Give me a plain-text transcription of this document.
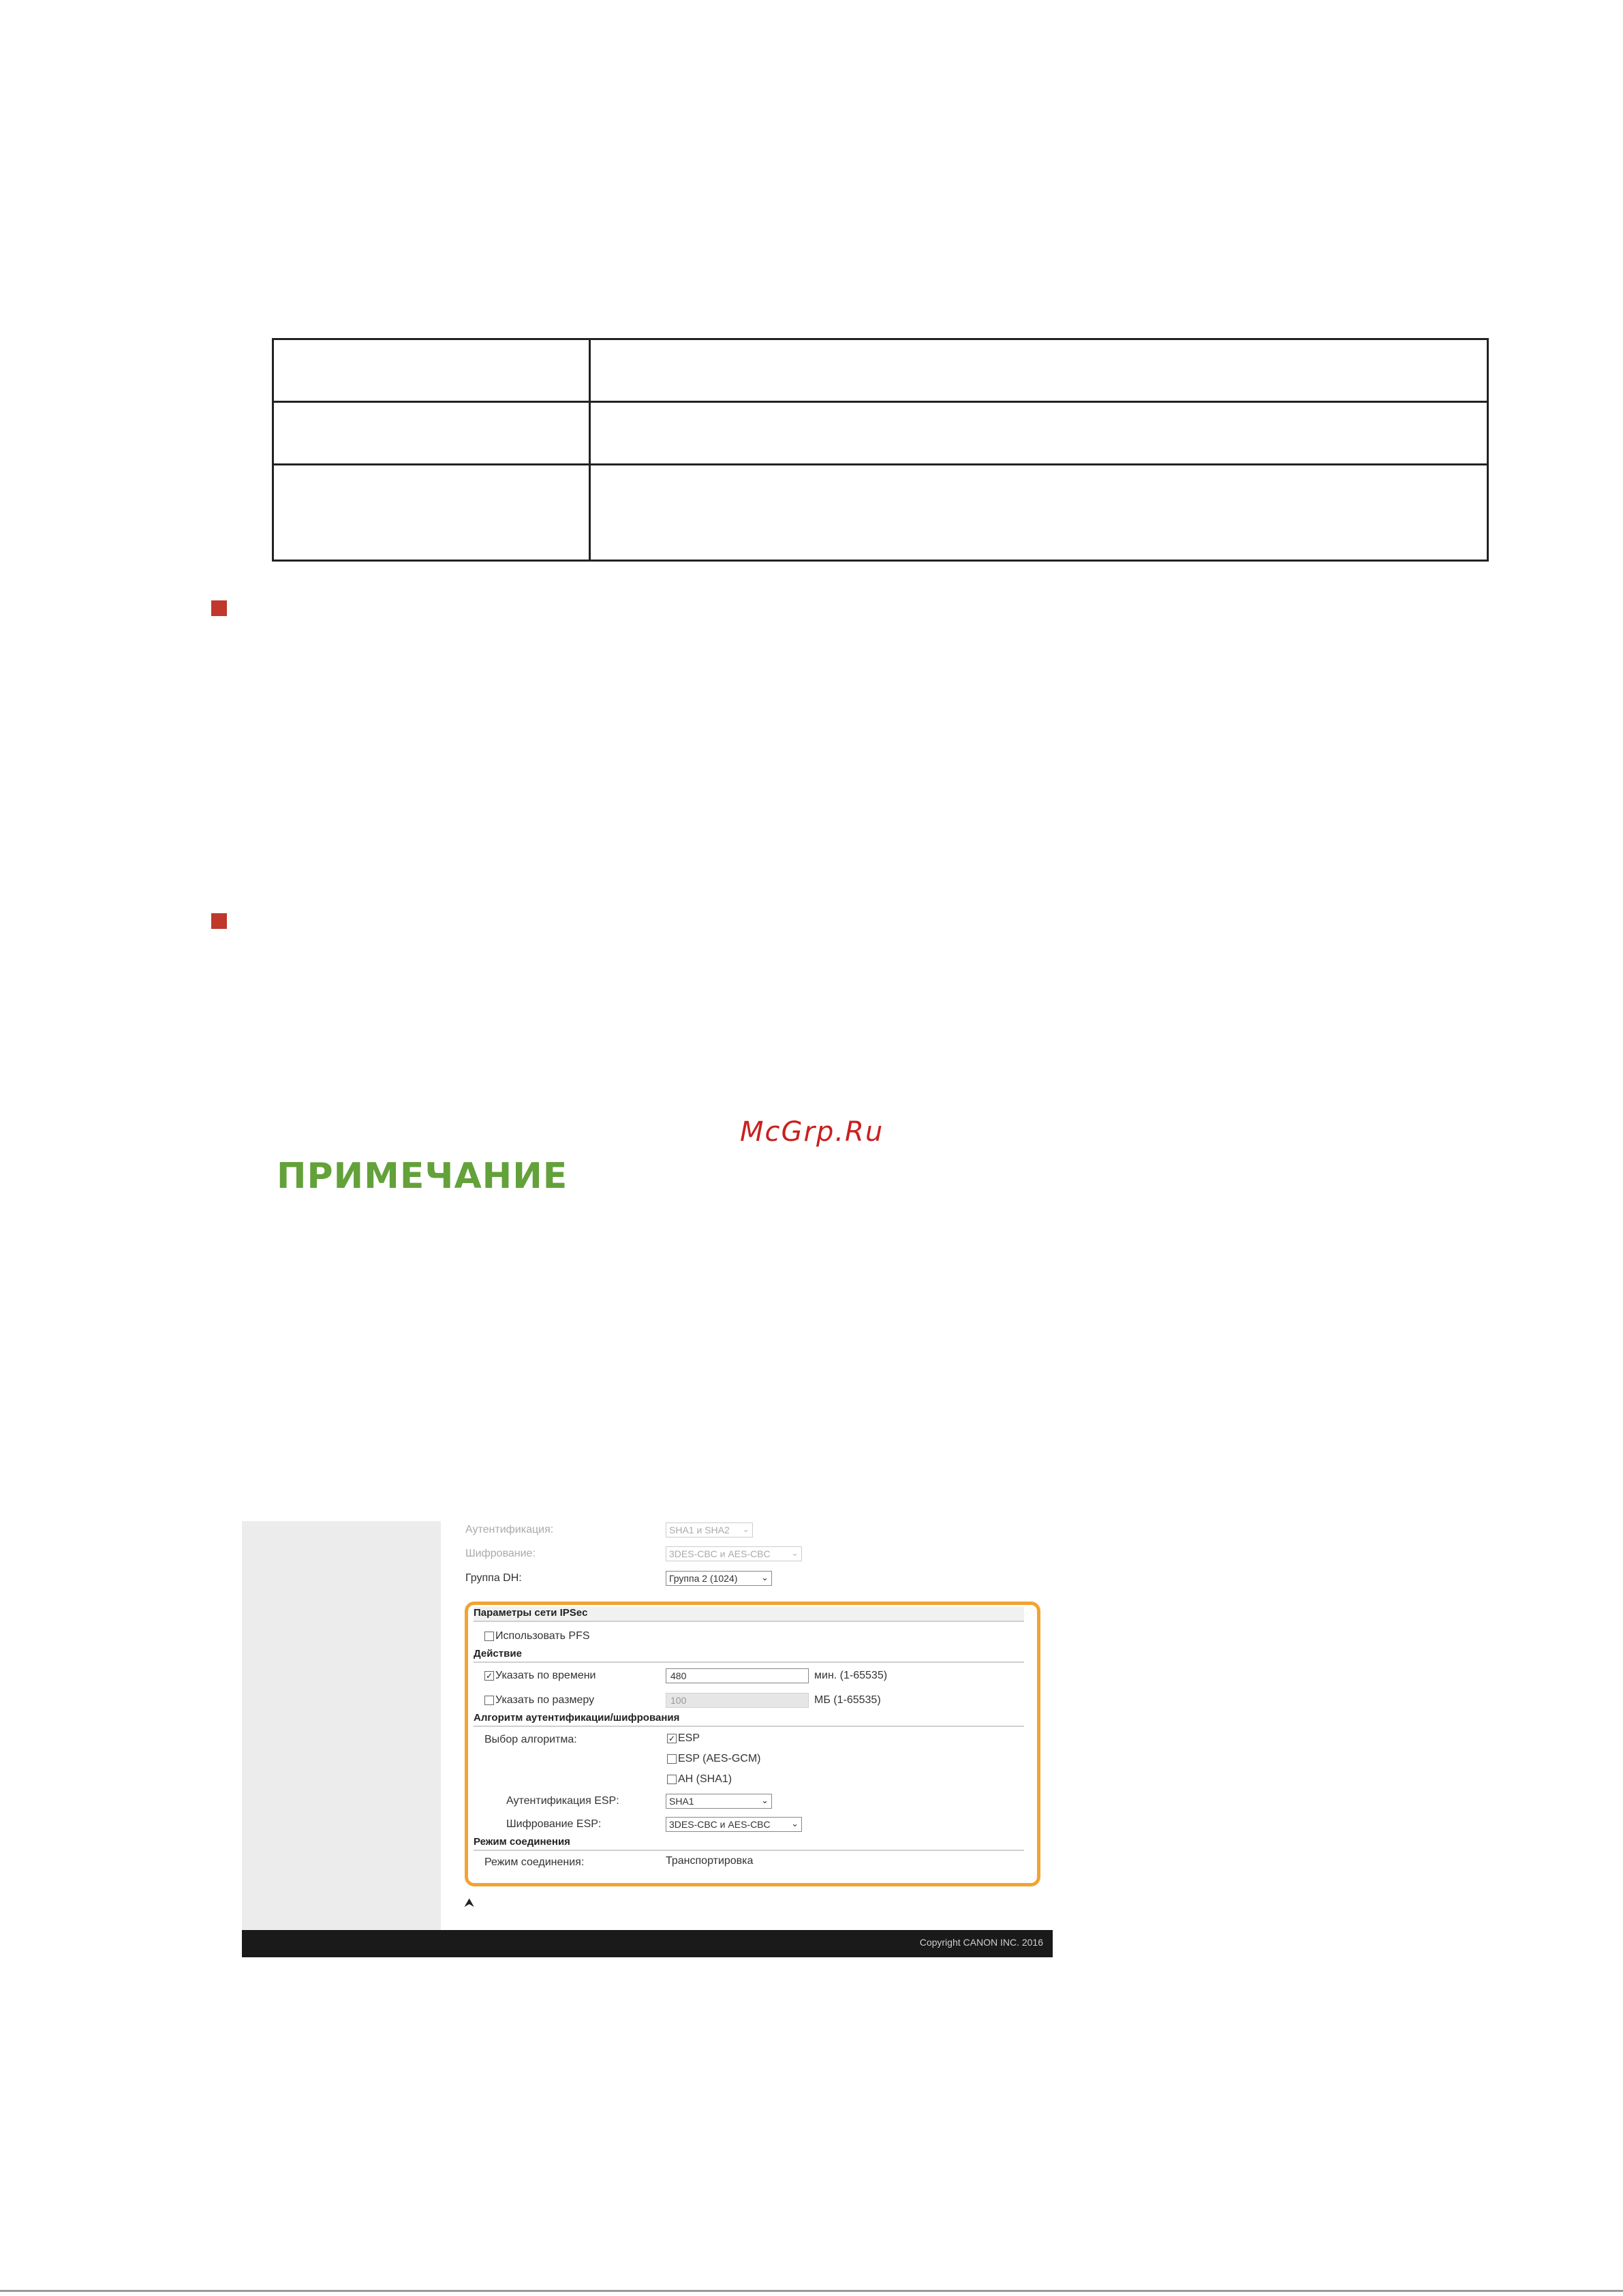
McGrp.Ru
ПРИМЕЧАНИЕ
Аутентификация:	SHA1 и SHA2 ⌄
Шифрование:	3DES-CBC и AES-CBC ⌄
Группа DH:	Группа 2 (1024)	⌄
Параметры сети IPSec
Использовать PFS
Действие
✓ Указать по времени	480	мин. (1-65535)
Указать по размеру	100	МБ (1-65535)
Алгоритм аутентификации/шифрования
Выбор алгоритма:	✓ ESP
ESP (AES-GCM)
AH (SHA1)
Аутентификация ESP:	SHA1	⌄
Шифрование ESP:	3DES-CBC и AES-CBC ⌄
Режим соединения
Режим соединения:	Транспортировка
⮝
Copyright CANON INC. 2016
